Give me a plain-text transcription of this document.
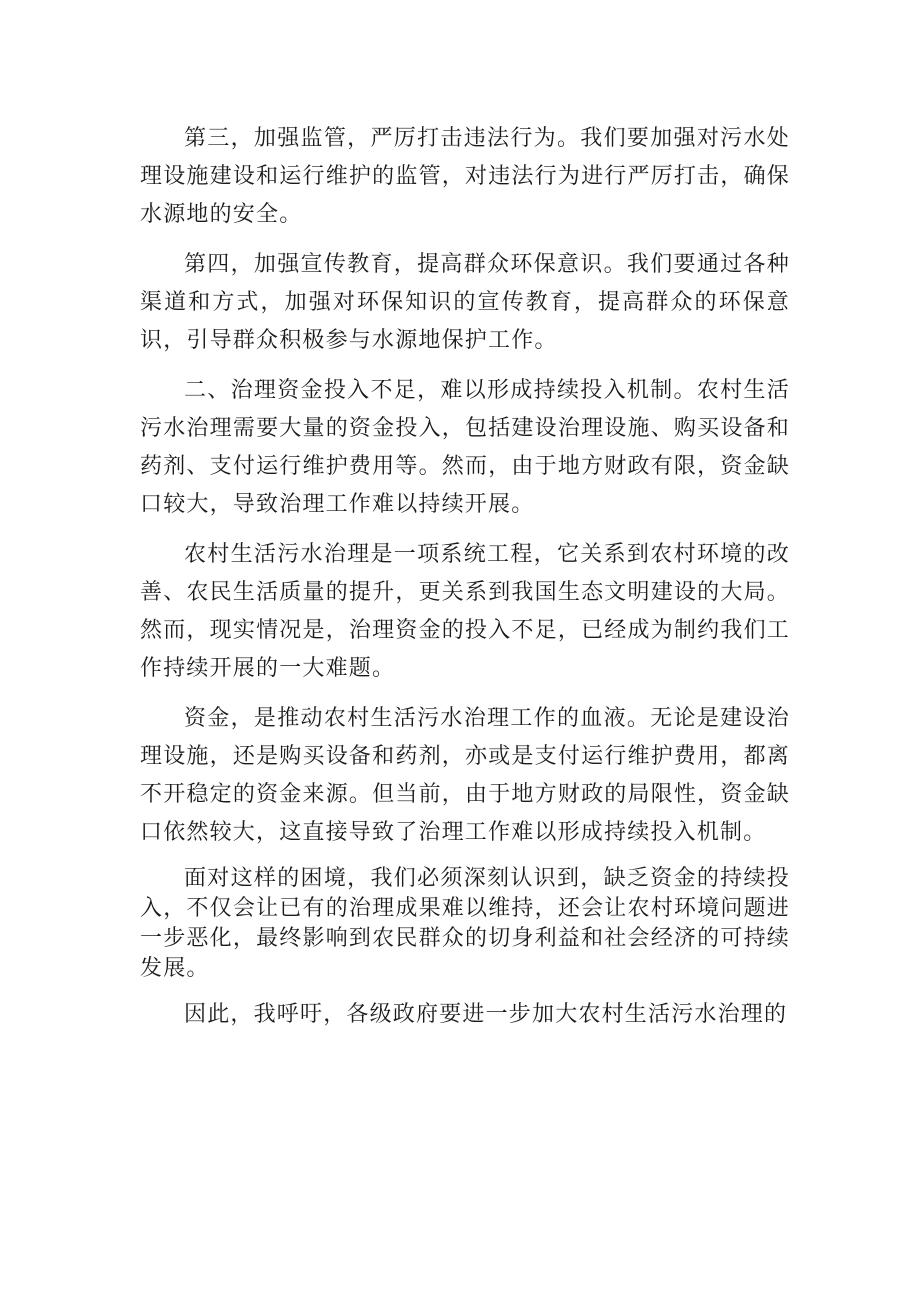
第三，加强监管，严厉打击违法行为。我们要加强对污水处理设施建设和运行维护的监管，对违法行为进行严厉打击，确保水源地的安全。

第四，加强宣传教育，提高群众环保意识。我们要通过各种渠道和方式，加强对环保知识的宣传教育，提高群众的环保意识，引导群众积极参与水源地保护工作。

二、治理资金投入不足，难以形成持续投入机制。农村生活污水治理需要大量的资金投入，包括建设治理设施、购买设备和药剂、支付运行维护费用等。然而，由于地方财政有限，资金缺口较大，导致治理工作难以持续开展。

农村生活污水治理是一项系统工程，它关系到农村环境的改善、农民生活质量的提升，更关系到我国生态文明建设的大局。然而，现实情况是，治理资金的投入不足，已经成为制约我们工作持续开展的一大难题。

资金，是推动农村生活污水治理工作的血液。无论是建设治理设施，还是购买设备和药剂，亦或是支付运行维护费用，都离不开稳定的资金来源。但当前，由于地方财政的局限性，资金缺口依然较大，这直接导致了治理工作难以形成持续投入机制。

面对这样的困境，我们必须深刻认识到，缺乏资金的持续投入，不仅会让已有的治理成果难以维持，还会让农村环境问题进一步恶化，最终影响到农民群众的切身利益和社会经济的可持续发展。

因此，我呼吁，各级政府要进一步加大农村生活污水治理的
